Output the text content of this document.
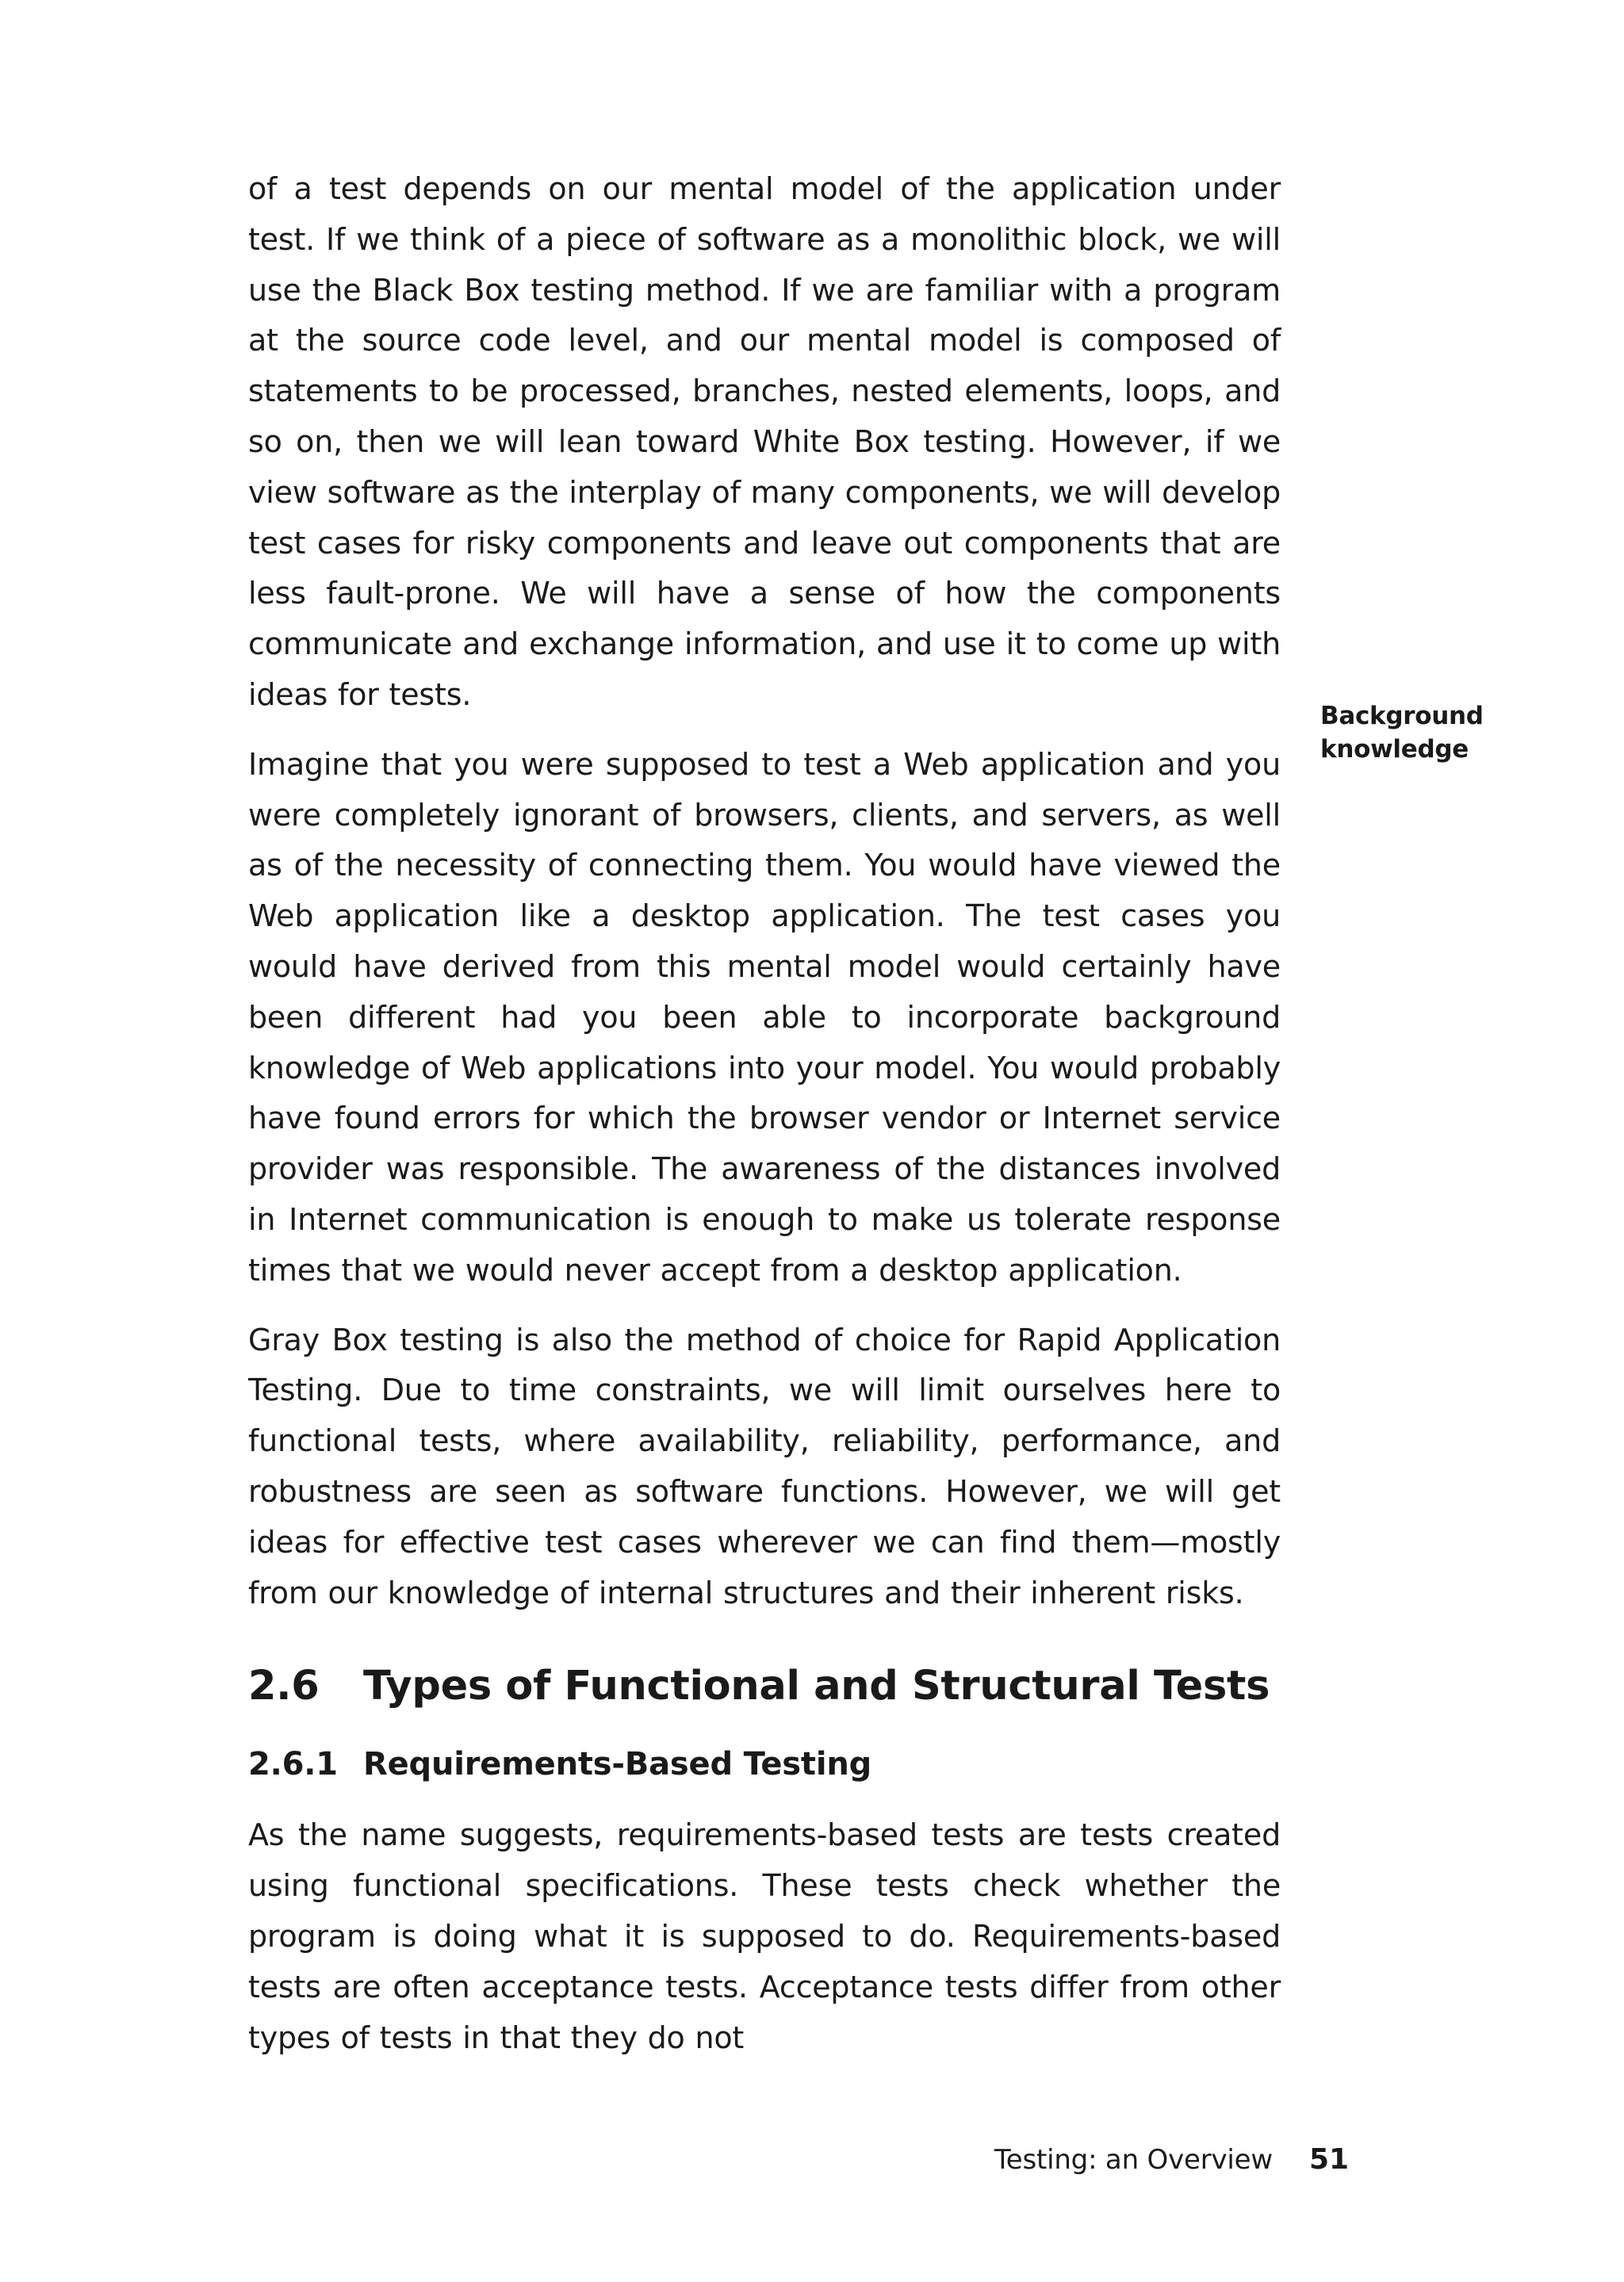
of a test depends on our mental model of the application under test. If we think of a piece of software as a monolithic block, we will use the Black Box testing method. If we are familiar with a program at the source code level, and our mental model is composed of statements to be processed, branches, nested elements, loops, and so on, then we will lean toward White Box testing. However, if we view software as the interplay of many components, we will develop test cases for risky components and leave out components that are less fault-prone. We will have a sense of how the components communicate and exchange information, and use it to come up with ideas for tests.

Imagine that you were supposed to test a Web application and you were completely ignorant of browsers, clients, and servers, as well as of the necessity of connecting them. You would have viewed the Web application like a desktop application. The test cases you would have derived from this mental model would certainly have been different had you been able to incorporate background knowledge of Web applications into your model. You would probably have found errors for which the browser vendor or Internet service provider was responsible. The awareness of the distances involved in Internet communication is enough to make us tolerate response times that we would never accept from a desktop application.

Gray Box testing is also the method of choice for Rapid Application Testing. Due to time constraints, we will limit ourselves here to functional tests, where availability, reliability, performance, and robustness are seen as software functions. However, we will get ideas for effective test cases wherever we can find them—mostly from our knowledge of internal structures and their inherent risks.

2.6	Types of Functional and Structural Tests
2.6.1 Requirements-Based Testing

As the name suggests, requirements-based tests are tests created using functional specifications. These tests check whether the program is doing what it is supposed to do. Requirements-based tests are often acceptance tests. Acceptance tests differ from other types of tests in that they do not

Background
knowledge
Testing: an Overview 51
